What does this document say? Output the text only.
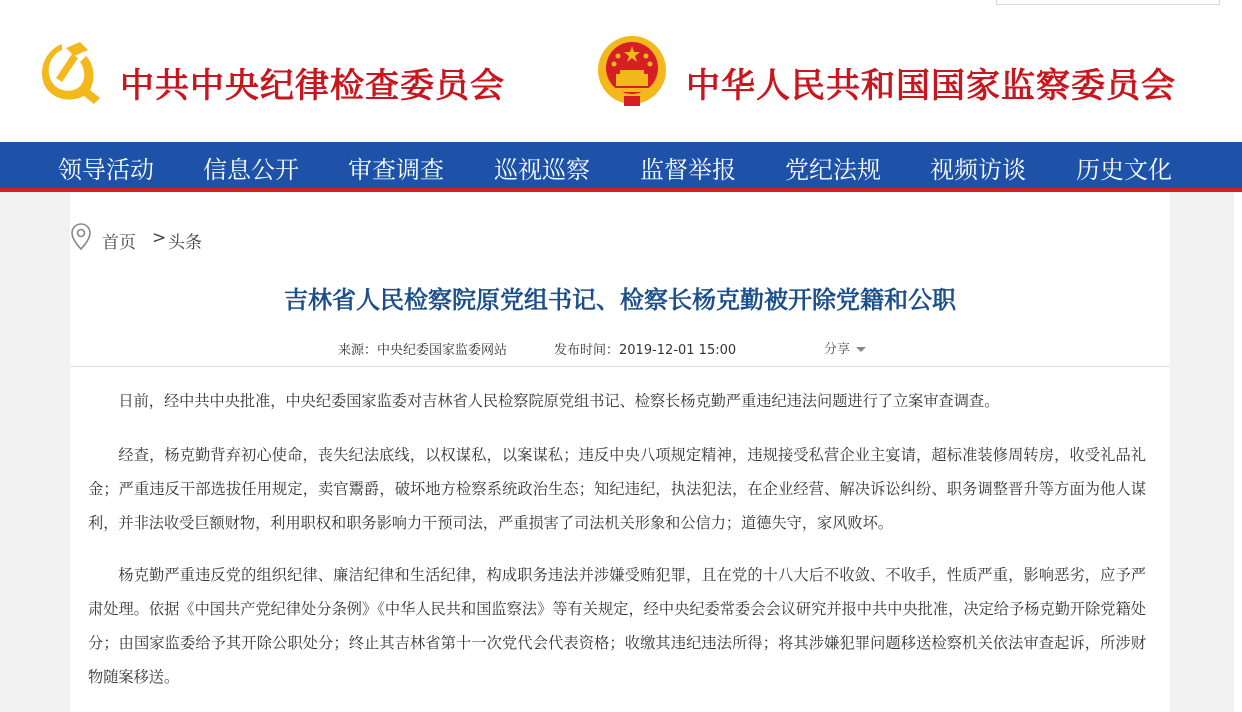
中共中央纪律检查委员会	中华人民共和国国家监察委员会
领导活动 信息公开 审查调查 巡视巡察 监督举报 党纪法规 视频访谈 历史文化
首页 > 头条
吉林省人民检察院原党组书记、检察长杨克勤被开除党籍和公职
来源：中央纪委国家监委网站	发布时间：2019-12-01 15:00	分享

日前，经中共中央批准，中央纪委国家监委对吉林省人民检察院原党组书记、检察长杨克勤严重违纪违法问题进行了立案审查调查。

经查，杨克勤背弃初心使命，丧失纪法底线，以权谋私，以案谋私；违反中央八项规定精神，违规接受私营企业主宴请，超标准装修周转房，收受礼品礼金；严重违反干部选拔任用规定，卖官鬻爵，破坏地方检察系统政治生态；知纪违纪，执法犯法，在企业经营、解决诉讼纠纷、职务调整晋升等方面为他人谋利，并非法收受巨额财物，利用职权和职务影响力干预司法，严重损害了司法机关形象和公信力；道德失守，家风败坏。

杨克勤严重违反党的组织纪律、廉洁纪律和生活纪律，构成职务违法并涉嫌受贿犯罪，且在党的十八大后不收敛、不收手，性质严重，影响恶劣，应予严肃处理。依据《中国共产党纪律处分条例》《中华人民共和国监察法》等有关规定，经中央纪委常委会会议研究并报中共中央批准，决定给予杨克勤开除党籍处分；由国家监委给予其开除公职处分；终止其吉林省第十一次党代会代表资格；收缴其违纪违法所得；将其涉嫌犯罪问题移送检察机关依法审查起诉，所涉财物随案移送。
